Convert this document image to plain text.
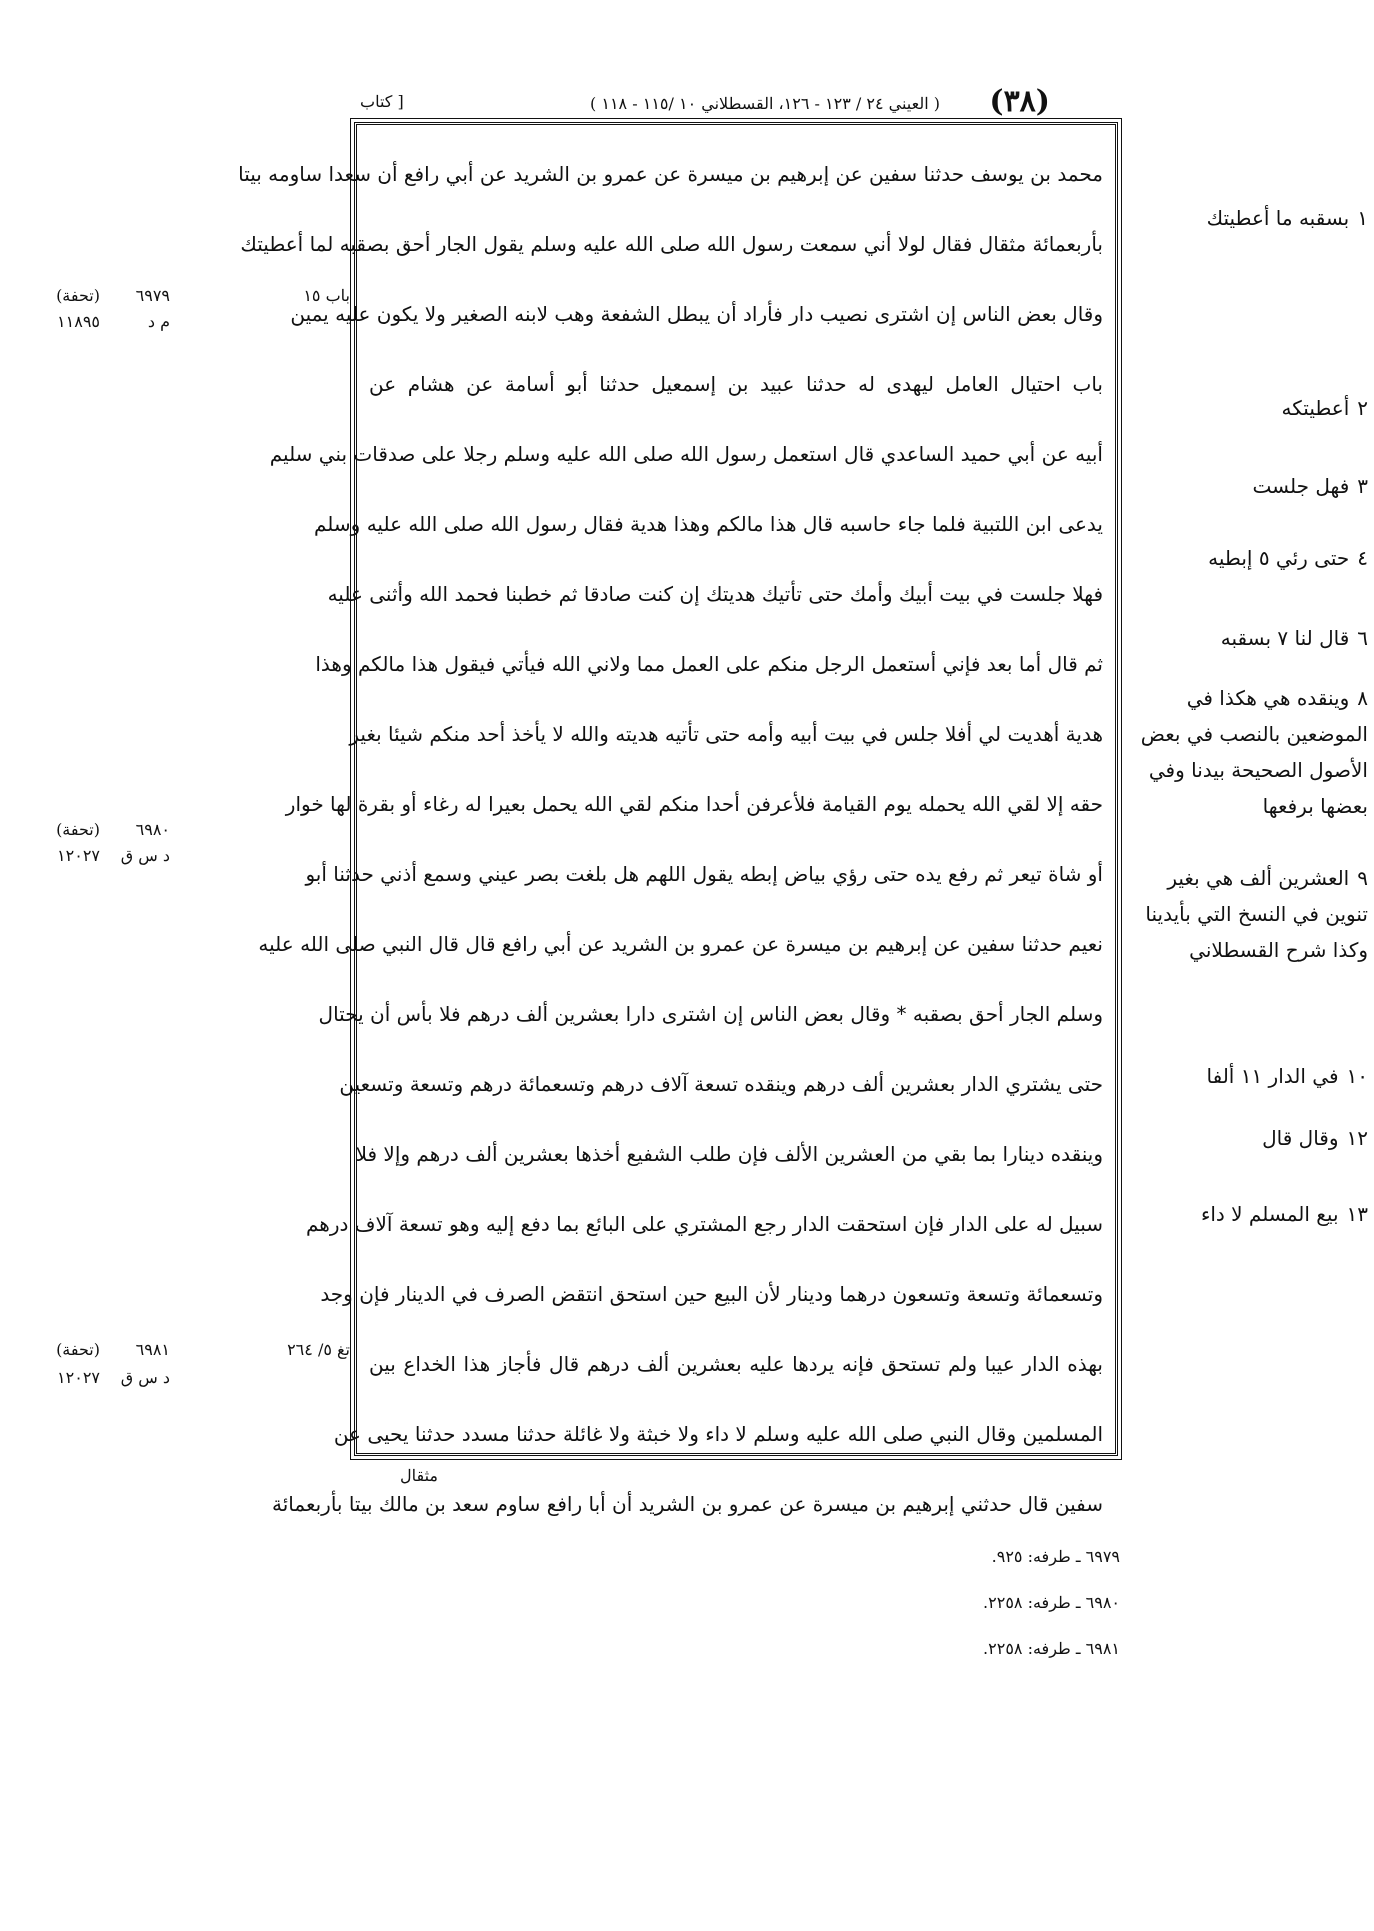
(٣٨)
( العيني ٢٤ / ١٢٣ - ١٢٦، القسطلاني ١٠ /١١٥ - ١١٨ )
[ كتاب
باب ١٥
٦٩٧٩
(تحفة)
م د
١١٨٩٥
٦٩٨٠
(تحفة)
د س ق
١٢٠٢٧
تغ ٥/ ٢٦٤
٦٩٨١
(تحفة)
د س ق
١٢٠٢٧
محمد بن يوسف حدثنا سفين عن إبرهيم بن ميسرة عن عمرو بن الشريد عن أبي رافع أن سعدا ساومه بيتا
بأربعمائة مثقال فقال لولا أني سمعت رسول الله صلى الله عليه وسلم يقول الجار أحق بصقبه لما أعطيتك
وقال بعض الناس إن اشترى نصيب دار فأراد أن يبطل الشفعة وهب لابنه الصغير ولا يكون عليه يمين
باب احتيال العامل ليهدى له حدثنا عبيد بن إسمعيل حدثنا أبو أسامة عن هشام عن
أبيه عن أبي حميد الساعدي قال استعمل رسول الله صلى الله عليه وسلم رجلا على صدقات بني سليم
يدعى ابن اللتبية فلما جاء حاسبه قال هذا مالكم وهذا هدية فقال رسول الله صلى الله عليه وسلم
فهلا جلست في بيت أبيك وأمك حتى تأتيك هديتك إن كنت صادقا ثم خطبنا فحمد الله وأثنى عليه
ثم قال أما بعد فإني أستعمل الرجل منكم على العمل مما ولاني الله فيأتي فيقول هذا مالكم وهذا
هدية أهديت لي أفلا جلس في بيت أبيه وأمه حتى تأتيه هديته والله لا يأخذ أحد منكم شيئا بغير
حقه إلا لقي الله يحمله يوم القيامة فلأعرفن أحدا منكم لقي الله يحمل بعيرا له رغاء أو بقرة لها خوار
أو شاة تيعر ثم رفع يده حتى رؤي بياض إبطه يقول اللهم هل بلغت بصر عيني وسمع أذني حدثنا أبو
نعيم حدثنا سفين عن إبرهيم بن ميسرة عن عمرو بن الشريد عن أبي رافع قال قال النبي صلى الله عليه
وسلم الجار أحق بصقبه * وقال بعض الناس إن اشترى دارا بعشرين ألف درهم فلا بأس أن يحتال
حتى يشتري الدار بعشرين ألف درهم وينقده تسعة آلاف درهم وتسعمائة درهم وتسعة وتسعين
وينقده دينارا بما بقي من العشرين الألف فإن طلب الشفيع أخذها بعشرين ألف درهم وإلا فلا
سبيل له على الدار فإن استحقت الدار رجع المشتري على البائع بما دفع إليه وهو تسعة آلاف درهم
وتسعمائة وتسعة وتسعون درهما ودينار لأن البيع حين استحق انتقض الصرف في الدينار فإن وجد
بهذه الدار عيبا ولم تستحق فإنه يردها عليه بعشرين ألف درهم قال فأجاز هذا الخداع بين
المسلمين وقال النبي صلى الله عليه وسلم لا داء ولا خبثة ولا غائلة حدثنا مسدد حدثنا يحيى عن
سفين قال حدثني إبرهيم بن ميسرة عن عمرو بن الشريد أن أبا رافع ساوم سعد بن مالك بيتا بأربعمائة
١بسقبه ما أعطيتك
٢أعطيتكه
٣فهل جلست
٤حتى رئي ٥ إبطيه
٦قال لنا ٧ بسقبه
٨وينقده هي هكذا في الموضعين بالنصب في بعض الأصول الصحيحة بيدنا وفي بعضها برفعها
٩العشرين ألف هي بغير تنوين في النسخ التي بأيدينا وكذا شرح القسطلاني
١٠في الدار ١١ ألفا
١٢وقال قال
١٣بيع المسلم لا داء
مثقال
٦٩٧٩ ـ طرفه: ٩٢٥.
٦٩٨٠ ـ طرفه: ٢٢٥٨.
٦٩٨١ ـ طرفه: ٢٢٥٨.
